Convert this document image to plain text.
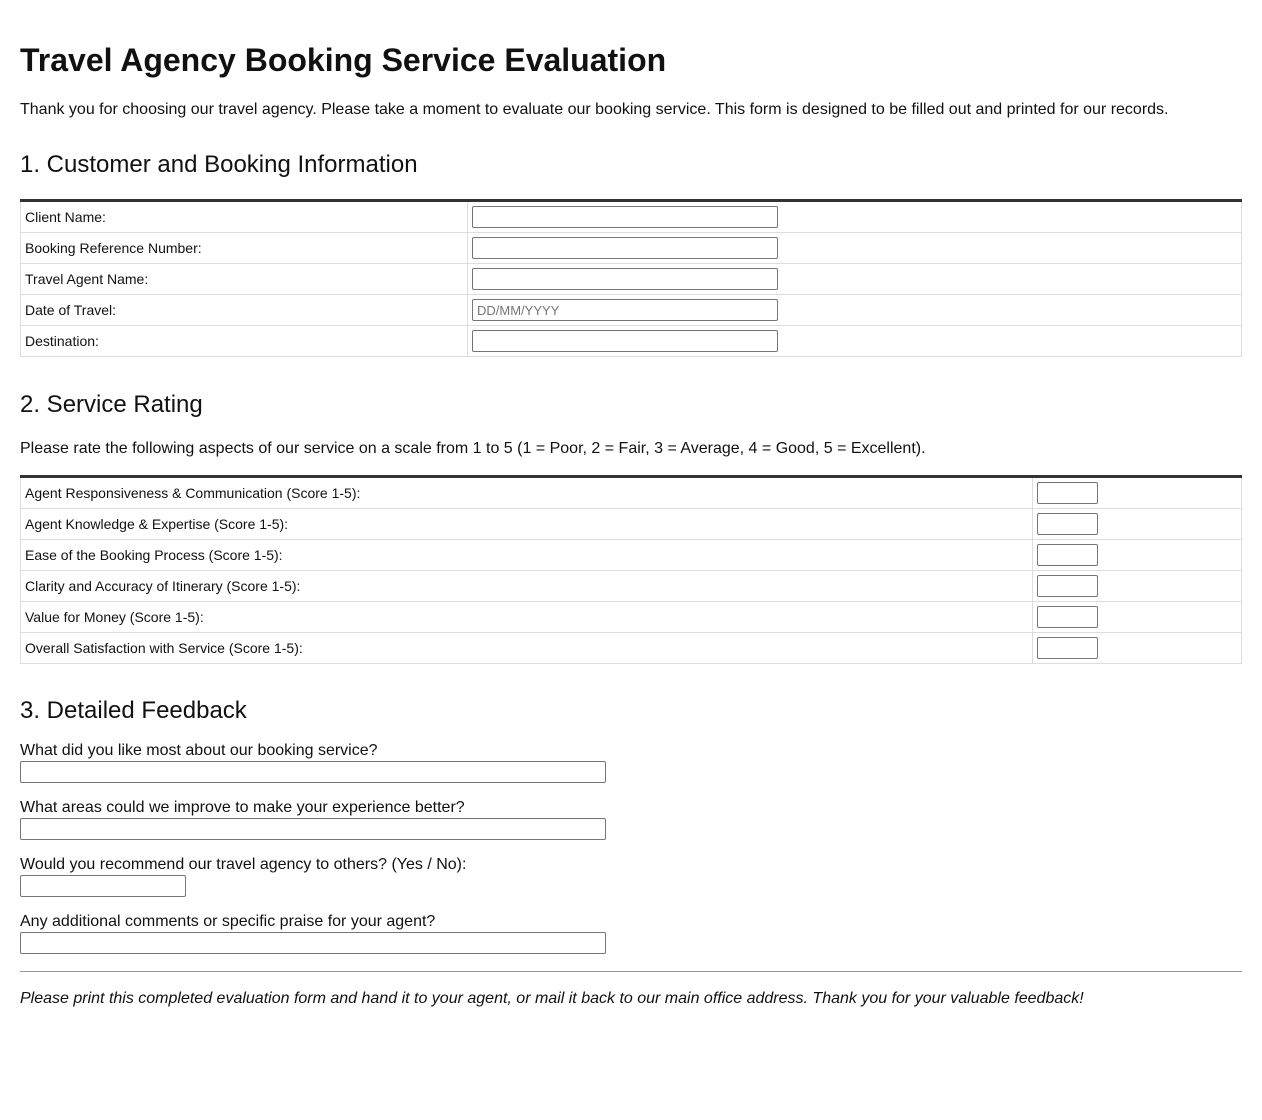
Travel Agency Booking Service Evaluation

Thank you for choosing our travel agency. Please take a moment to evaluate our booking service. This form is designed to be filled out and printed for our records.

1. Customer and Booking Information
Client Name:	
Booking Reference Number:	
Travel Agent Name:	
Date of Travel:	DD/MM/YYYY
Destination:	
2. Service Rating

Please rate the following aspects of our service on a scale from 1 to 5 (1 = Poor, 2 = Fair, 3 = Average, 4 = Good, 5 = Excellent).

Agent Responsiveness & Communication (Score 1-5):	
Agent Knowledge & Expertise (Score 1-5):	
Ease of the Booking Process (Score 1-5):	
Clarity and Accuracy of Itinerary (Score 1-5):	
Value for Money (Score 1-5):	
Overall Satisfaction with Service (Score 1-5):	
3. Detailed Feedback
What did you like most about our booking service?
What areas could we improve to make your experience better?
Would you recommend our travel agency to others? (Yes / No):
Any additional comments or specific praise for your agent?

Please print this completed evaluation form and hand it to your agent, or mail it back to our main office address. Thank you for your valuable feedback!
